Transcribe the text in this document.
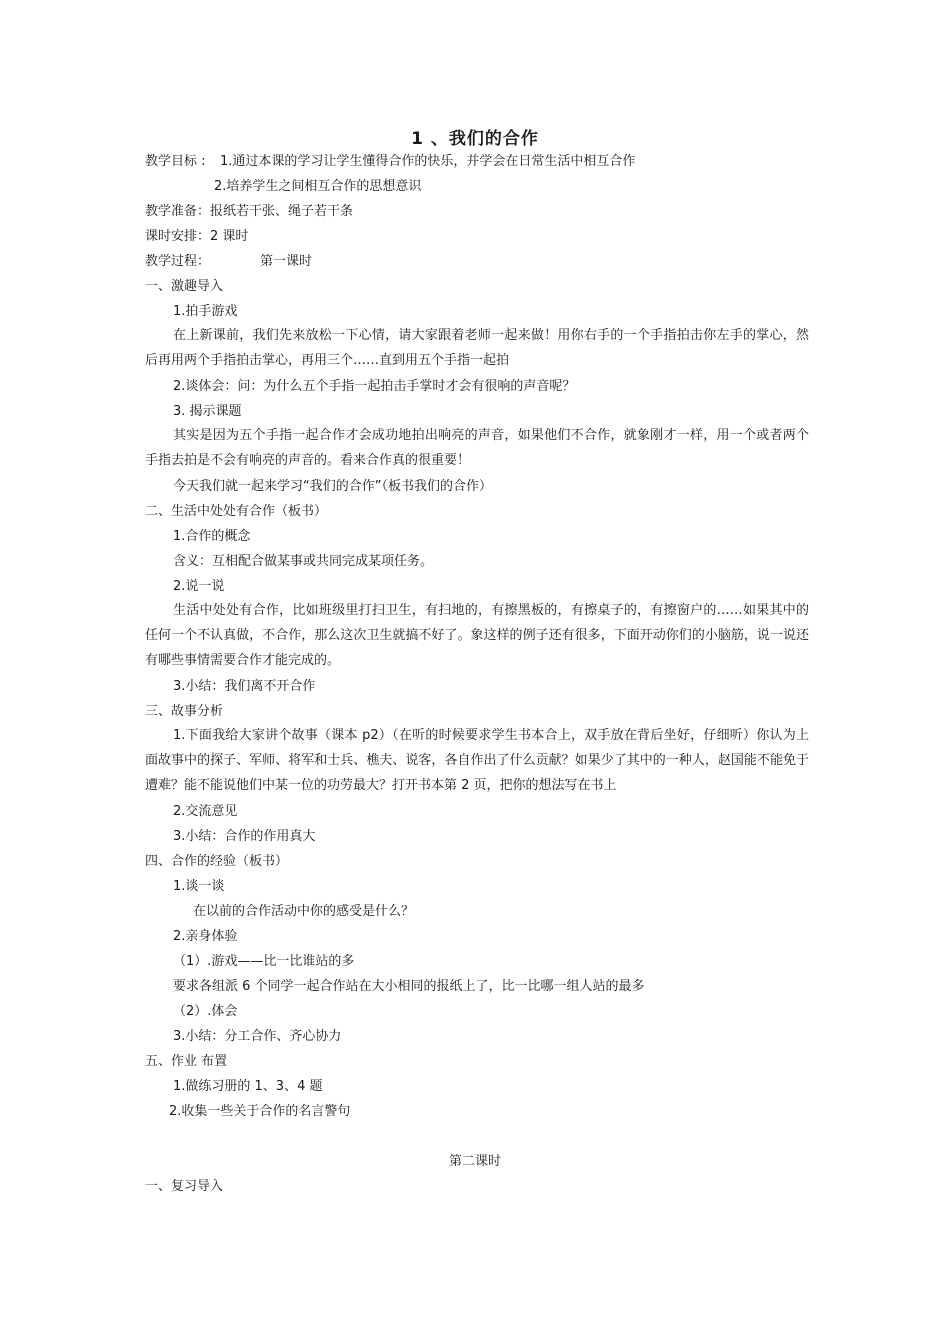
1 、我们的合作
教学目标 : 1.通过本课的学习让学生懂得合作的快乐，并学会在日常生活中相互合作
2.培养学生之间相互合作的思想意识
教学准备：报纸若干张、绳子若干条
课时安排：2 课时
教学过程：	第一课时
一、激趣导入
1.拍手游戏
在上新课前，我们先来放松一下心情，请大家跟着老师一起来做！用你右手的一个手指拍击你左手的掌心，然后再用两个手指拍击掌心，再用三个……直到用五个手指一起拍
2.谈体会：问：为什么五个手指一起拍击手掌时才会有很响的声音呢？
3. 揭示课题
其实是因为五个手指一起合作才会成功地拍出响亮的声音，如果他们不合作，就象刚才一样，用一个或者两个手指去拍是不会有响亮的声音的。看来合作真的很重要！
今天我们就一起来学习“我们的合作”（板书我们的合作）
二、生活中处处有合作（板书）
1.合作的概念
含义：互相配合做某事或共同完成某项任务。
2.说一说
生活中处处有合作，比如班级里打扫卫生，有扫地的，有擦黑板的，有擦桌子的，有擦窗户的……如果其中的任何一个不认真做，不合作，那么这次卫生就搞不好了。象这样的例子还有很多，下面开动你们的小脑筋，说一说还有哪些事情需要合作才能完成的。
3.小结：我们离不开合作
三、故事分析
1.下面我给大家讲个故事（课本 p2）（在听的时候要求学生书本合上，双手放在背后坐好，仔细听）你认为上面故事中的探子、军师、将军和士兵、樵夫、说客，各自作出了什么贡献？如果少了其中的一种人，赵国能不能免于遭难？能不能说他们中某一位的功劳最大？打开书本第 2 页，把你的想法写在书上
2.交流意见
3.小结：合作的作用真大
四、合作的经验（板书）
1.谈一谈
在以前的合作活动中你的感受是什么？
2.亲身体验
（1）.游戏——比一比谁站的多
要求各组派 6 个同学一起合作站在大小相同的报纸上了，比一比哪一组人站的最多
（2）.体会
3.小结：分工合作、齐心协力
五、作业 布置
1.做练习册的 1、3、4 题
2.收集一些关于合作的名言警句
第二课时
一、复习导入
